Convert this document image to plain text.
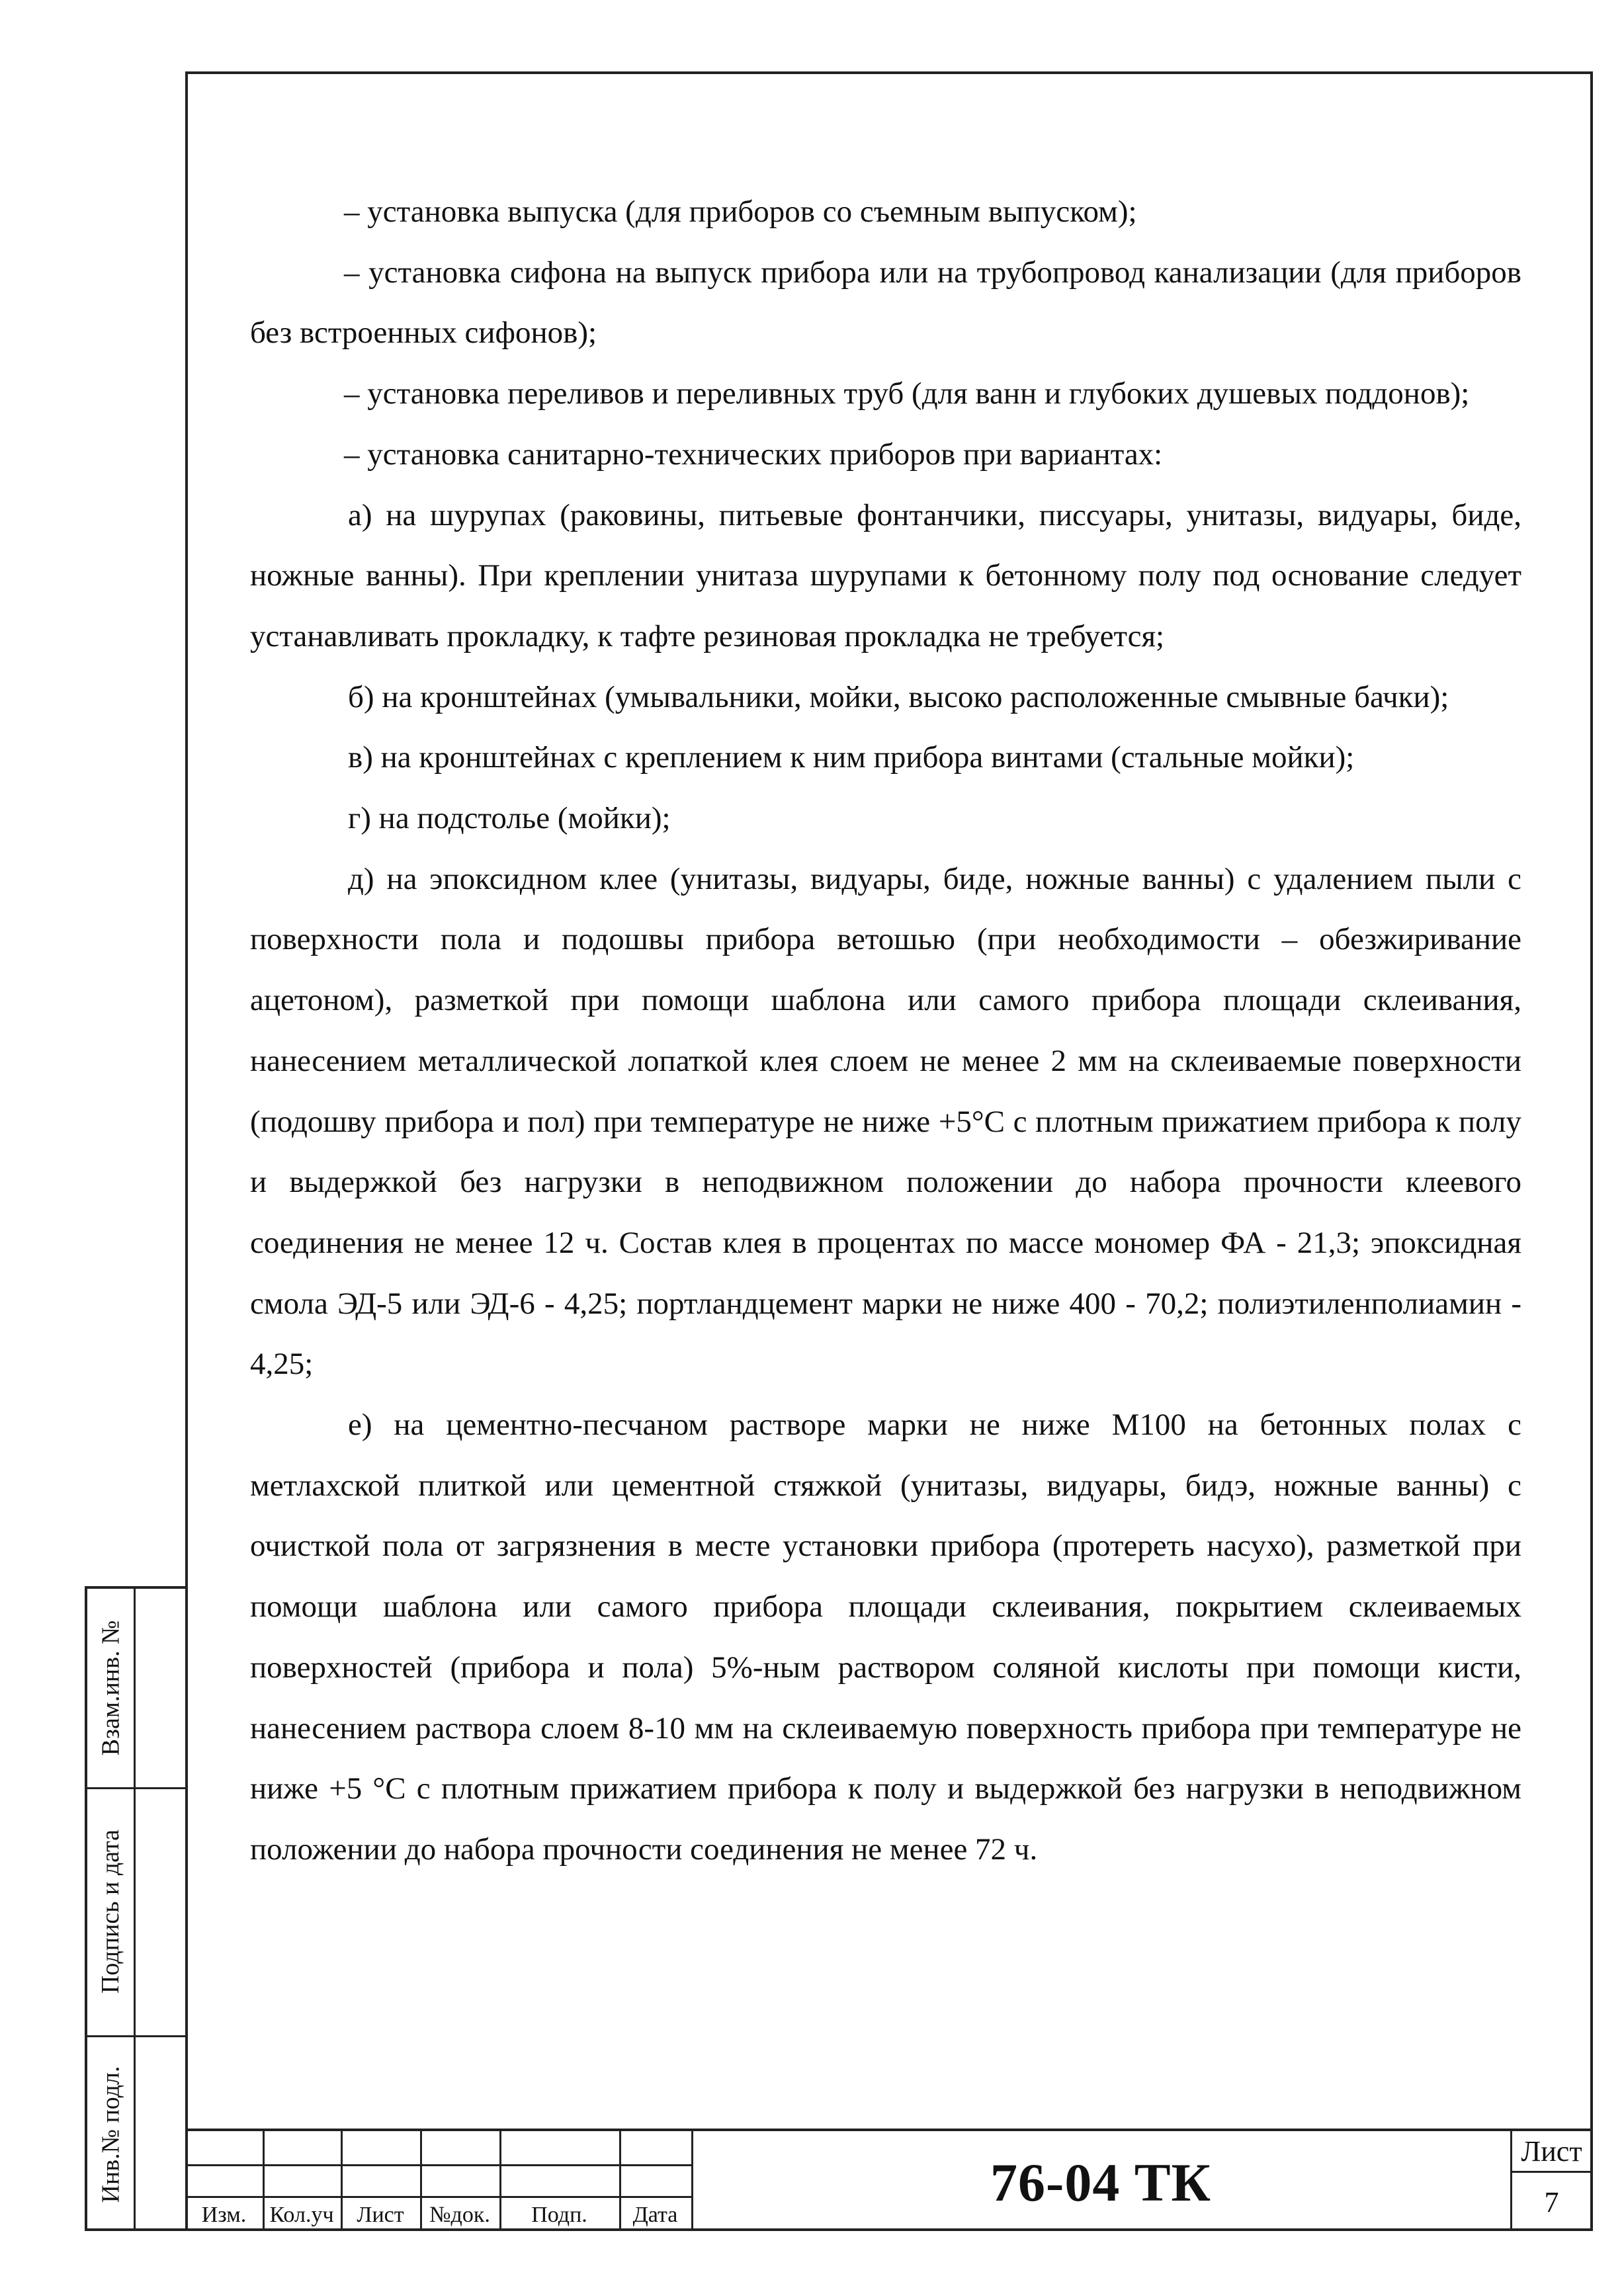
– установка выпуска (для приборов со съемным выпуском);

– установка сифона на выпуск прибора или на трубопровод канализации (для приборов без встроенных сифонов);

– установка переливов и переливных труб (для ванн и глубоких душевых поддонов);

– установка санитарно-технических приборов при вариантах:

а) на шурупах (раковины, питьевые фонтанчики, писсуары, унитазы, видуары, биде, ножные ванны). При креплении унитаза шурупами к бетонному полу под основание следует устанавливать прокладку, к тафте резиновая прокладка не требуется;

б) на кронштейнах (умывальники, мойки, высоко расположенные смывные бачки);

в) на кронштейнах с креплением к ним прибора винтами (стальные мойки);

г) на подстолье (мойки);

д) на эпоксидном клее (унитазы, видуары, биде, ножные ванны) с удалением пыли с поверхности пола и подошвы прибора ветошью (при необходимости – обезжиривание ацетоном), разметкой при помощи шаблона или самого прибора площади склеивания, нанесением металлической лопаткой клея слоем не менее 2 мм на склеиваемые поверхности (подошву прибора и пол) при температуре не ниже +5°С с плотным прижатием прибора к полу и выдержкой без нагрузки в неподвижном положении до набора прочности клеевого соединения не менее 12 ч. Состав клея в процентах по массе мономер ФА - 21,3; эпоксидная смола ЭД-5 или ЭД-6 - 4,25; портландцемент марки не ниже 400 - 70,2; полиэтиленполиамин - 4,25;

е) на цементно-песчаном растворе марки не ниже М100 на бетонных полах с метлахской плиткой или цементной стяжкой (унитазы, видуары, бидэ, ножные ванны) с очисткой пола от загрязнения в месте установки прибора (протереть насухо), разметкой при помощи шаблона или самого прибора площади склеивания, покрытием склеиваемых поверхностей (прибора и пола) 5%-ным раствором соляной кислоты при помощи кисти, нанесением раствора слоем 8-10 мм на склеиваемую поверхность прибора при температуре не ниже +5 °С с плотным прижатием прибора к полу и выдержкой без нагрузки в неподвижном положении до набора прочности соединения не менее 72 ч.

Взам.инв. №
Подпись и дата
Инв.№ подл.
Изм.	Кол.уч	Лист	№док.	Подп.	Дата
76-04 ТК
Лист
7
